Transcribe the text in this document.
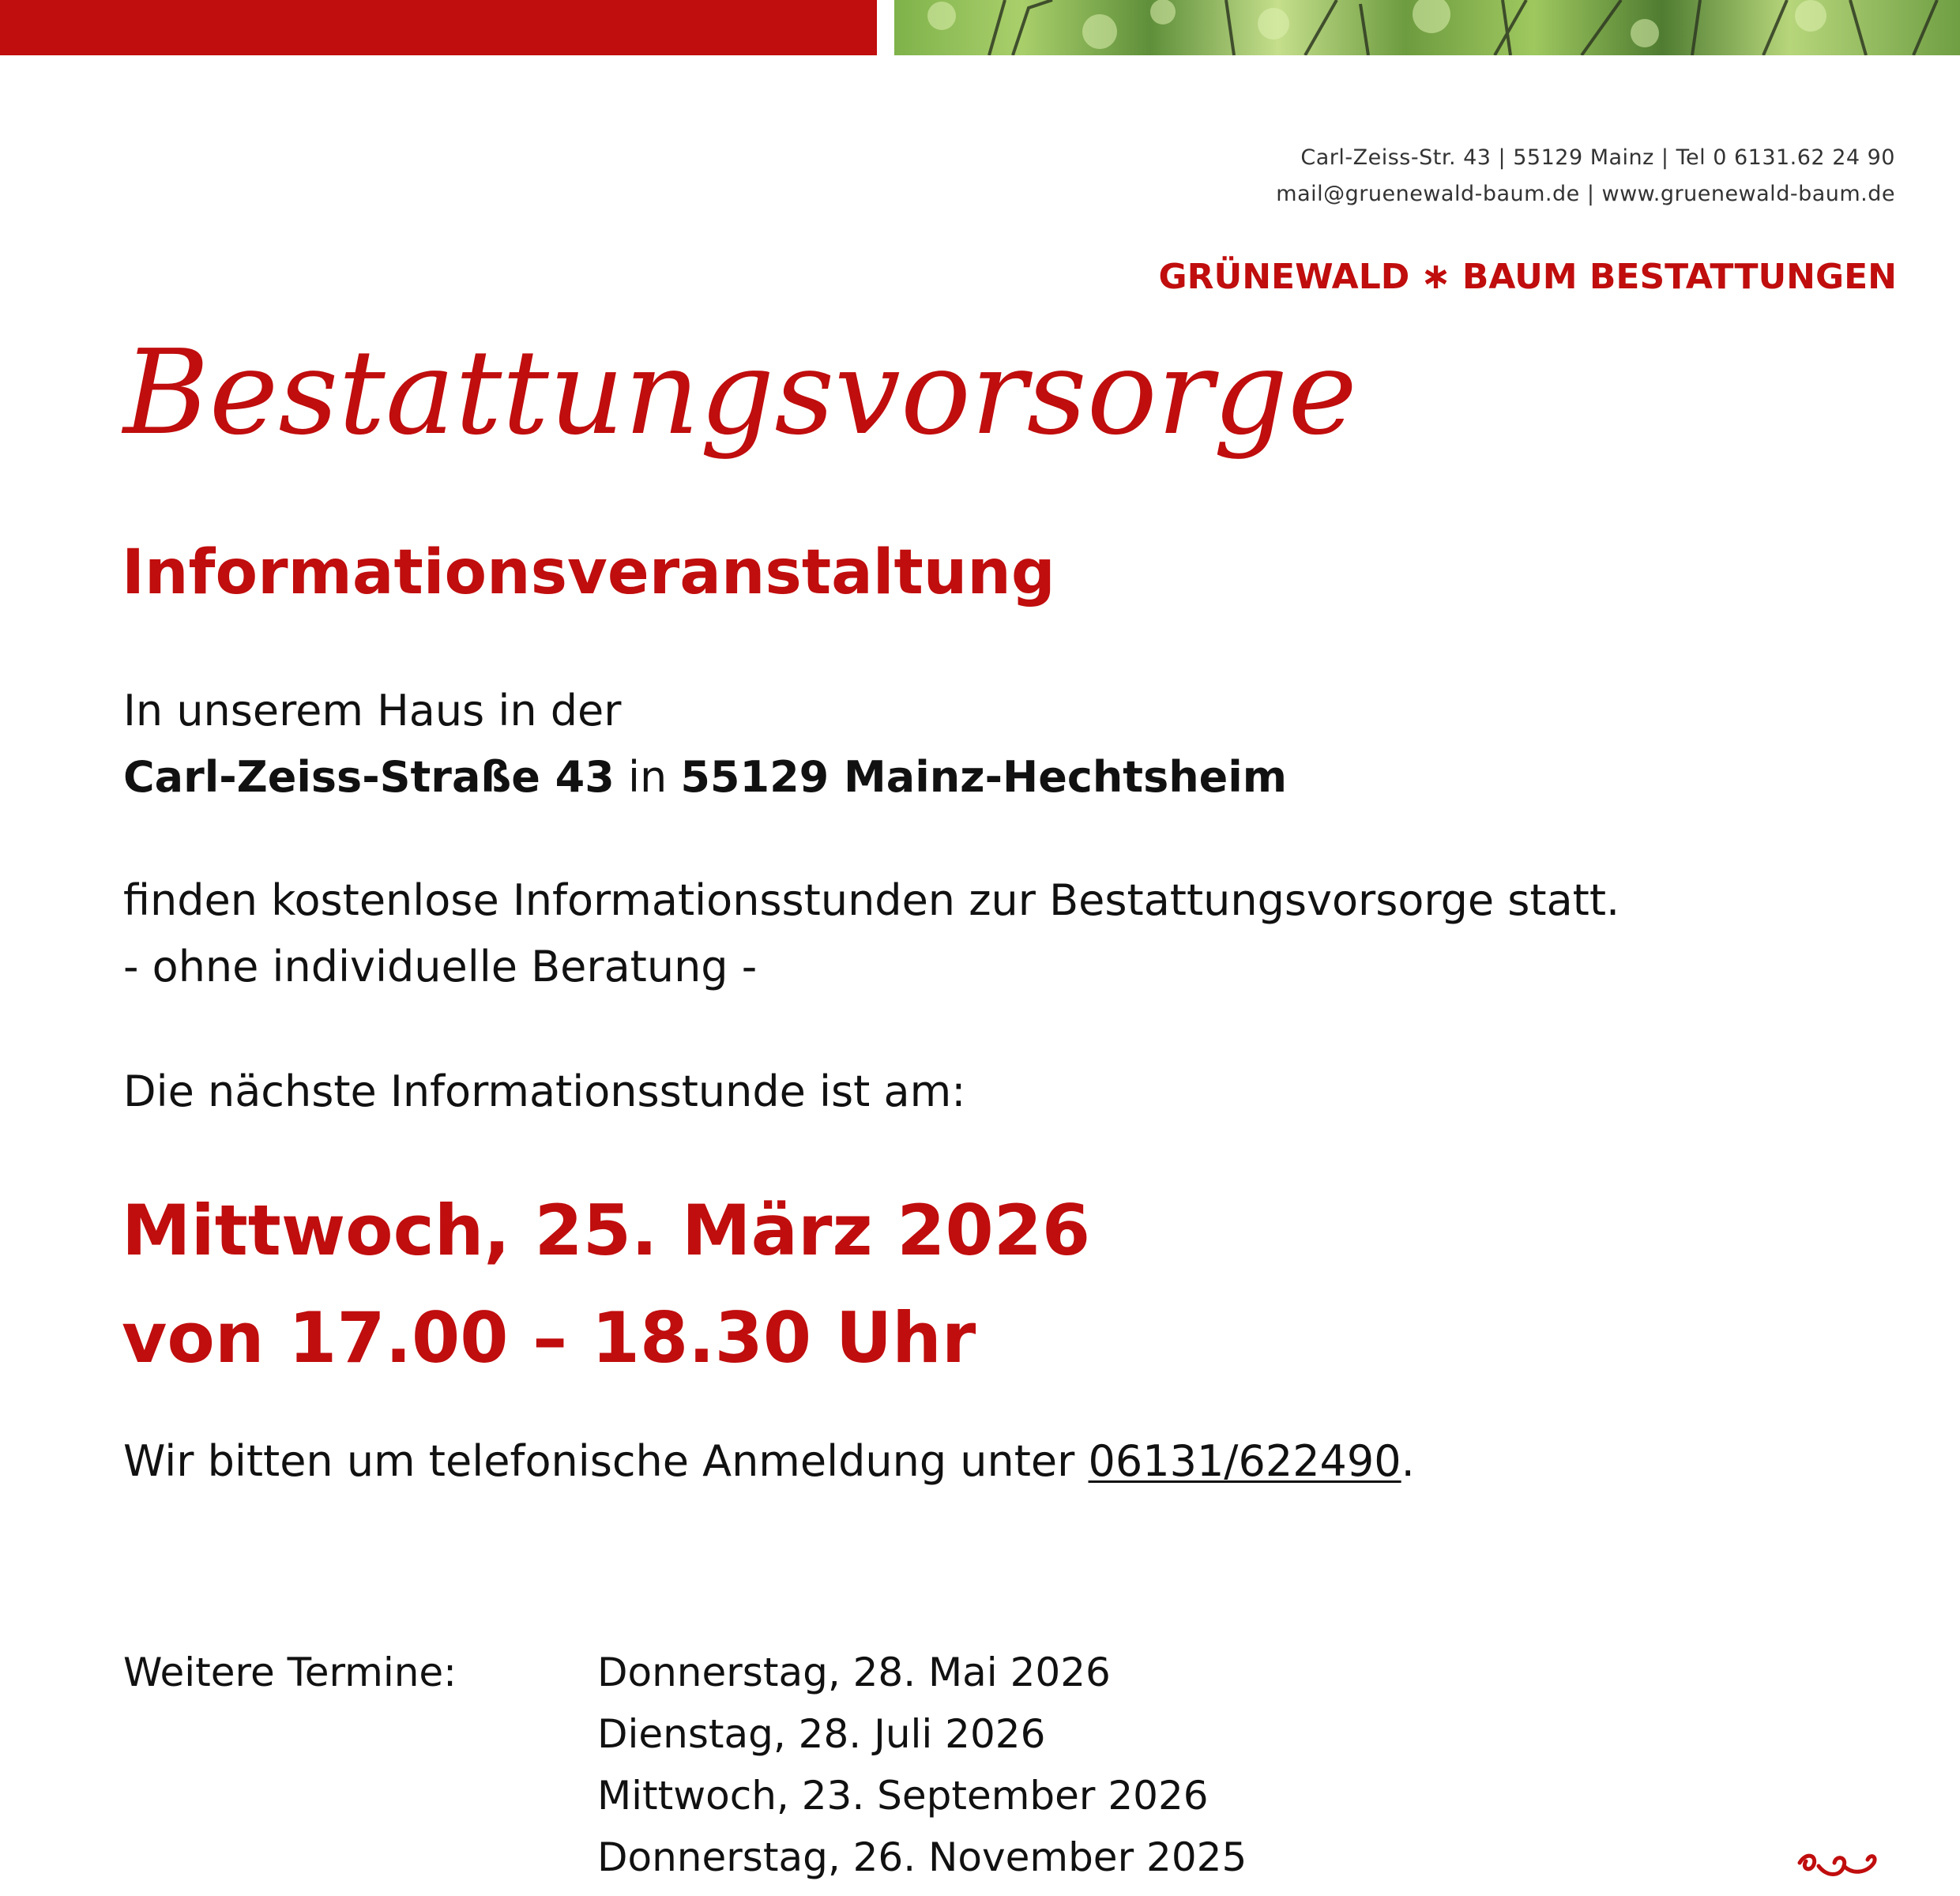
Carl-Zeiss-Str. 43 | 55129 Mainz | Tel 0 6131.62 24 90
mail@gruenewald-baum.de | www.gruenewald-baum.de
GRÜNEWALD ∗ BAUM BESTATTUNGEN
Bestattungsvorsorge
Informationsveranstaltung
In unserem Haus in der
Carl-Zeiss-Straße 43 in 55129 Mainz-Hechtsheim
finden kostenlose Informationsstunden zur Bestattungsvorsorge statt.
- ohne individuelle Beratung -
Die nächste Informationsstunde ist am:
Mittwoch, 25. März 2026
von 17.00 – 18.30 Uhr
Wir bitten um telefonische Anmeldung unter 06131/622490.
Weitere Termine:	Donnerstag, 28. Mai 2026
Dienstag, 28. Juli 2026
Mittwoch, 23. September 2026
Donnerstag, 26. November 2025
